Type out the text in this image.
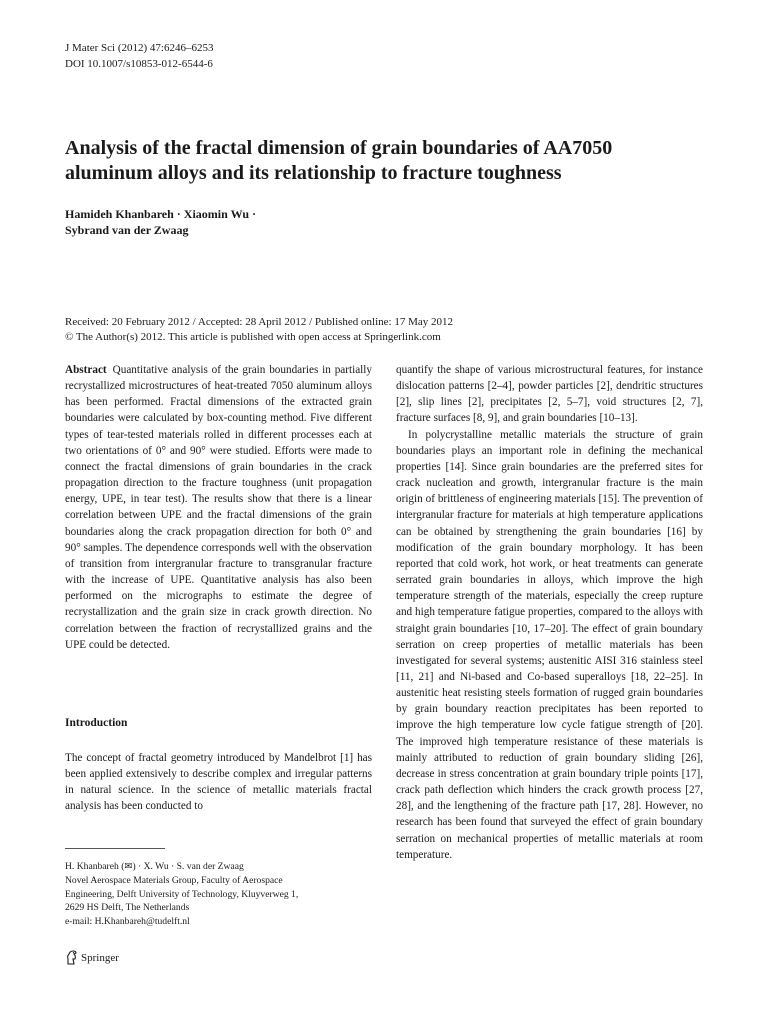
J Mater Sci (2012) 47:6246–6253
DOI 10.1007/s10853-012-6544-6
Analysis of the fractal dimension of grain boundaries of AA7050
aluminum alloys and its relationship to fracture toughness
Hamideh Khanbareh · Xiaomin Wu ·
Sybrand van der Zwaag
Received: 20 February 2012 / Accepted: 28 April 2012 / Published online: 17 May 2012
© The Author(s) 2012. This article is published with open access at Springerlink.com

Abstract Quantitative analysis of the grain boundaries in partially recrystallized microstructures of heat-treated 7050 aluminum alloys has been performed. Fractal dimensions of the extracted grain boundaries were calculated by box-counting method. Five different types of tear-tested materials rolled in different processes each at two orientations of 0° and 90° were studied. Efforts were made to connect the fractal dimensions of grain boundaries in the crack propagation direction to the fracture toughness (unit propagation energy, UPE, in tear test). The results show that there is a linear correlation between UPE and the fractal dimensions of the grain boundaries along the crack propagation direction for both 0° and 90° samples. The dependence corresponds well with the observation of transition from intergranular fracture to transgranular fracture with the increase of UPE. Quantitative analysis has also been performed on the micrographs to estimate the degree of recrystallization and the grain size in crack growth direction. No correlation between the fraction of recrystallized grains and the UPE could be detected.

Introduction

The concept of fractal geometry introduced by Mandelbrot [1] has been applied extensively to describe complex and irregular patterns in natural science. In the science of metallic materials fractal analysis has been conducted to

H. Khanbareh (✉) · X. Wu · S. van der Zwaag
Novel Aerospace Materials Group, Faculty of Aerospace
Engineering, Delft University of Technology, Kluyverweg 1,
2629 HS Delft, The Netherlands
e-mail: H.Khanbareh@tudelft.nl

quantify the shape of various microstructural features, for instance dislocation patterns [2–4], powder particles [2], dendritic structures [2], slip lines [2], precipitates [2, 5–7], void structures [2, 7], fracture surfaces [8, 9], and grain boundaries [10–13].

In polycrystalline metallic materials the structure of grain boundaries plays an important role in defining the mechanical properties [14]. Since grain boundaries are the preferred sites for crack nucleation and growth, intergranular fracture is the main origin of brittleness of engineering materials [15]. The prevention of intergranular fracture for materials at high temperature applications can be obtained by strengthening the grain boundaries [16] by modification of the grain boundary morphology. It has been reported that cold work, hot work, or heat treatments can generate serrated grain boundaries in alloys, which improve the high temperature strength of the materials, especially the creep rupture and high temperature fatigue properties, compared to the alloys with straight grain boundaries [10, 17–20]. The effect of grain boundary serration on creep properties of metallic materials has been investigated for several systems; austenitic AISI 316 stainless steel [11, 21] and Ni-based and Co-based superalloys [18, 22–25]. In austenitic heat resisting steels formation of rugged grain boundaries by grain boundary reaction precipitates has been reported to improve the high temperature low cycle fatigue strength of [20]. The improved high temperature resistance of these materials is mainly attributed to reduction of grain boundary sliding [26], decrease in stress concentration at grain boundary triple points [17], crack path deflection which hinders the crack growth process [27, 28], and the lengthening of the fracture path [17, 28]. However, no research has been found that surveyed the effect of grain boundary serration on mechanical properties of metallic materials at room temperature.

Springer
